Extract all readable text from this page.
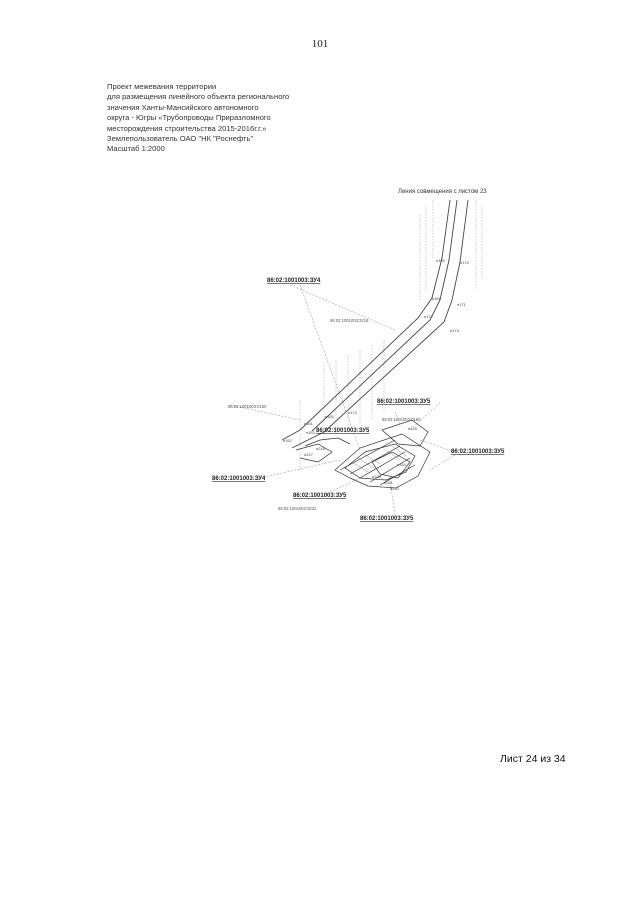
101
Проект межевания территории
для размещения линейного объекта регионального
значения Ханты-Мансийского автономного
округа - Югры «Трубопроводы Приразломного
месторождения строительства 2015-2016г.г.»
Землепользователь ОАО "НК "Роснефть"
Масштаб 1:2000
Линия совмещения с листом 23
86:02:1001003:ЗУ4
86:02:1001003:ЗУ5
86:02:1001003:ЗУ5
86:02:1001003:ЗУ5
86:02:1001003:ЗУ4
86:02:1001003:ЗУ5
86:02:1001003:ЗУ5
86:02:1001003:2216
86:02:1001003:0150
86:02:1001003:0150
86:02:1001003:0232
н169	н170
н168
н171
н172
н174
н173
н125
н150
н151
н152
н153
н154
н210
н217
н218
н220
н221
Лист 24 из 34
